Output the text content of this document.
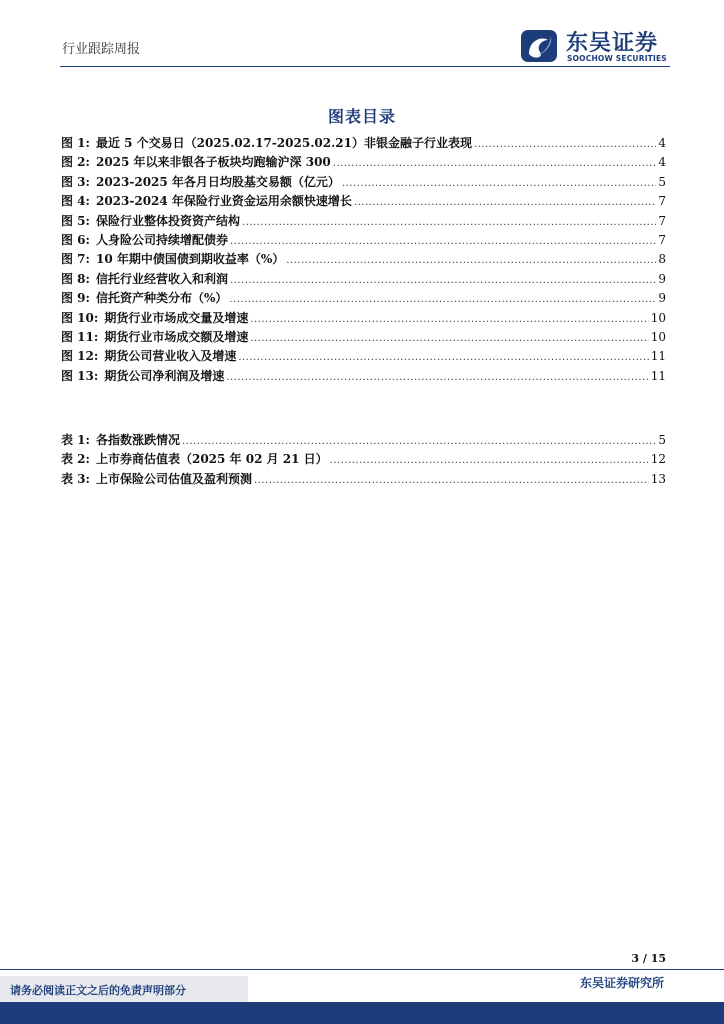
行业跟踪周报	东吴证券
SOOCHOW SECURITIES
图表目录
图 1: 最近 5 个交易日（2025.02.17-2025.02.21）非银金融子行业表现 .....	4
图 2: 2025 年以来非银各子板块均跑输沪深 300 .....	4
图 3: 2023-2025 年各月日均股基交易额（亿元） .....	5
图 4: 2023-2024 年保险行业资金运用余额快速增长 .....	7
图 5: 保险行业整体投资资产结构 .....	7
图 6: 人身险公司持续增配债券 .....	7
图 7: 10 年期中债国债到期收益率（%） .....	8
图 8: 信托行业经营收入和利润 .....	9
图 9: 信托资产种类分布（%） .....	9
图 10: 期货行业市场成交量及增速 .....	10
图 11: 期货行业市场成交额及增速 .....	10
图 12: 期货公司营业收入及增速 .....	11
图 13: 期货公司净利润及增速 .....	11
表 1: 各指数涨跌情况 .....	5
表 2: 上市券商估值表（2025 年 02 月 21 日） .....	12
表 3: 上市保险公司估值及盈利预测 .....	13
3 / 15
请务必阅读正文之后的免责声明部分
东吴证券研究所
